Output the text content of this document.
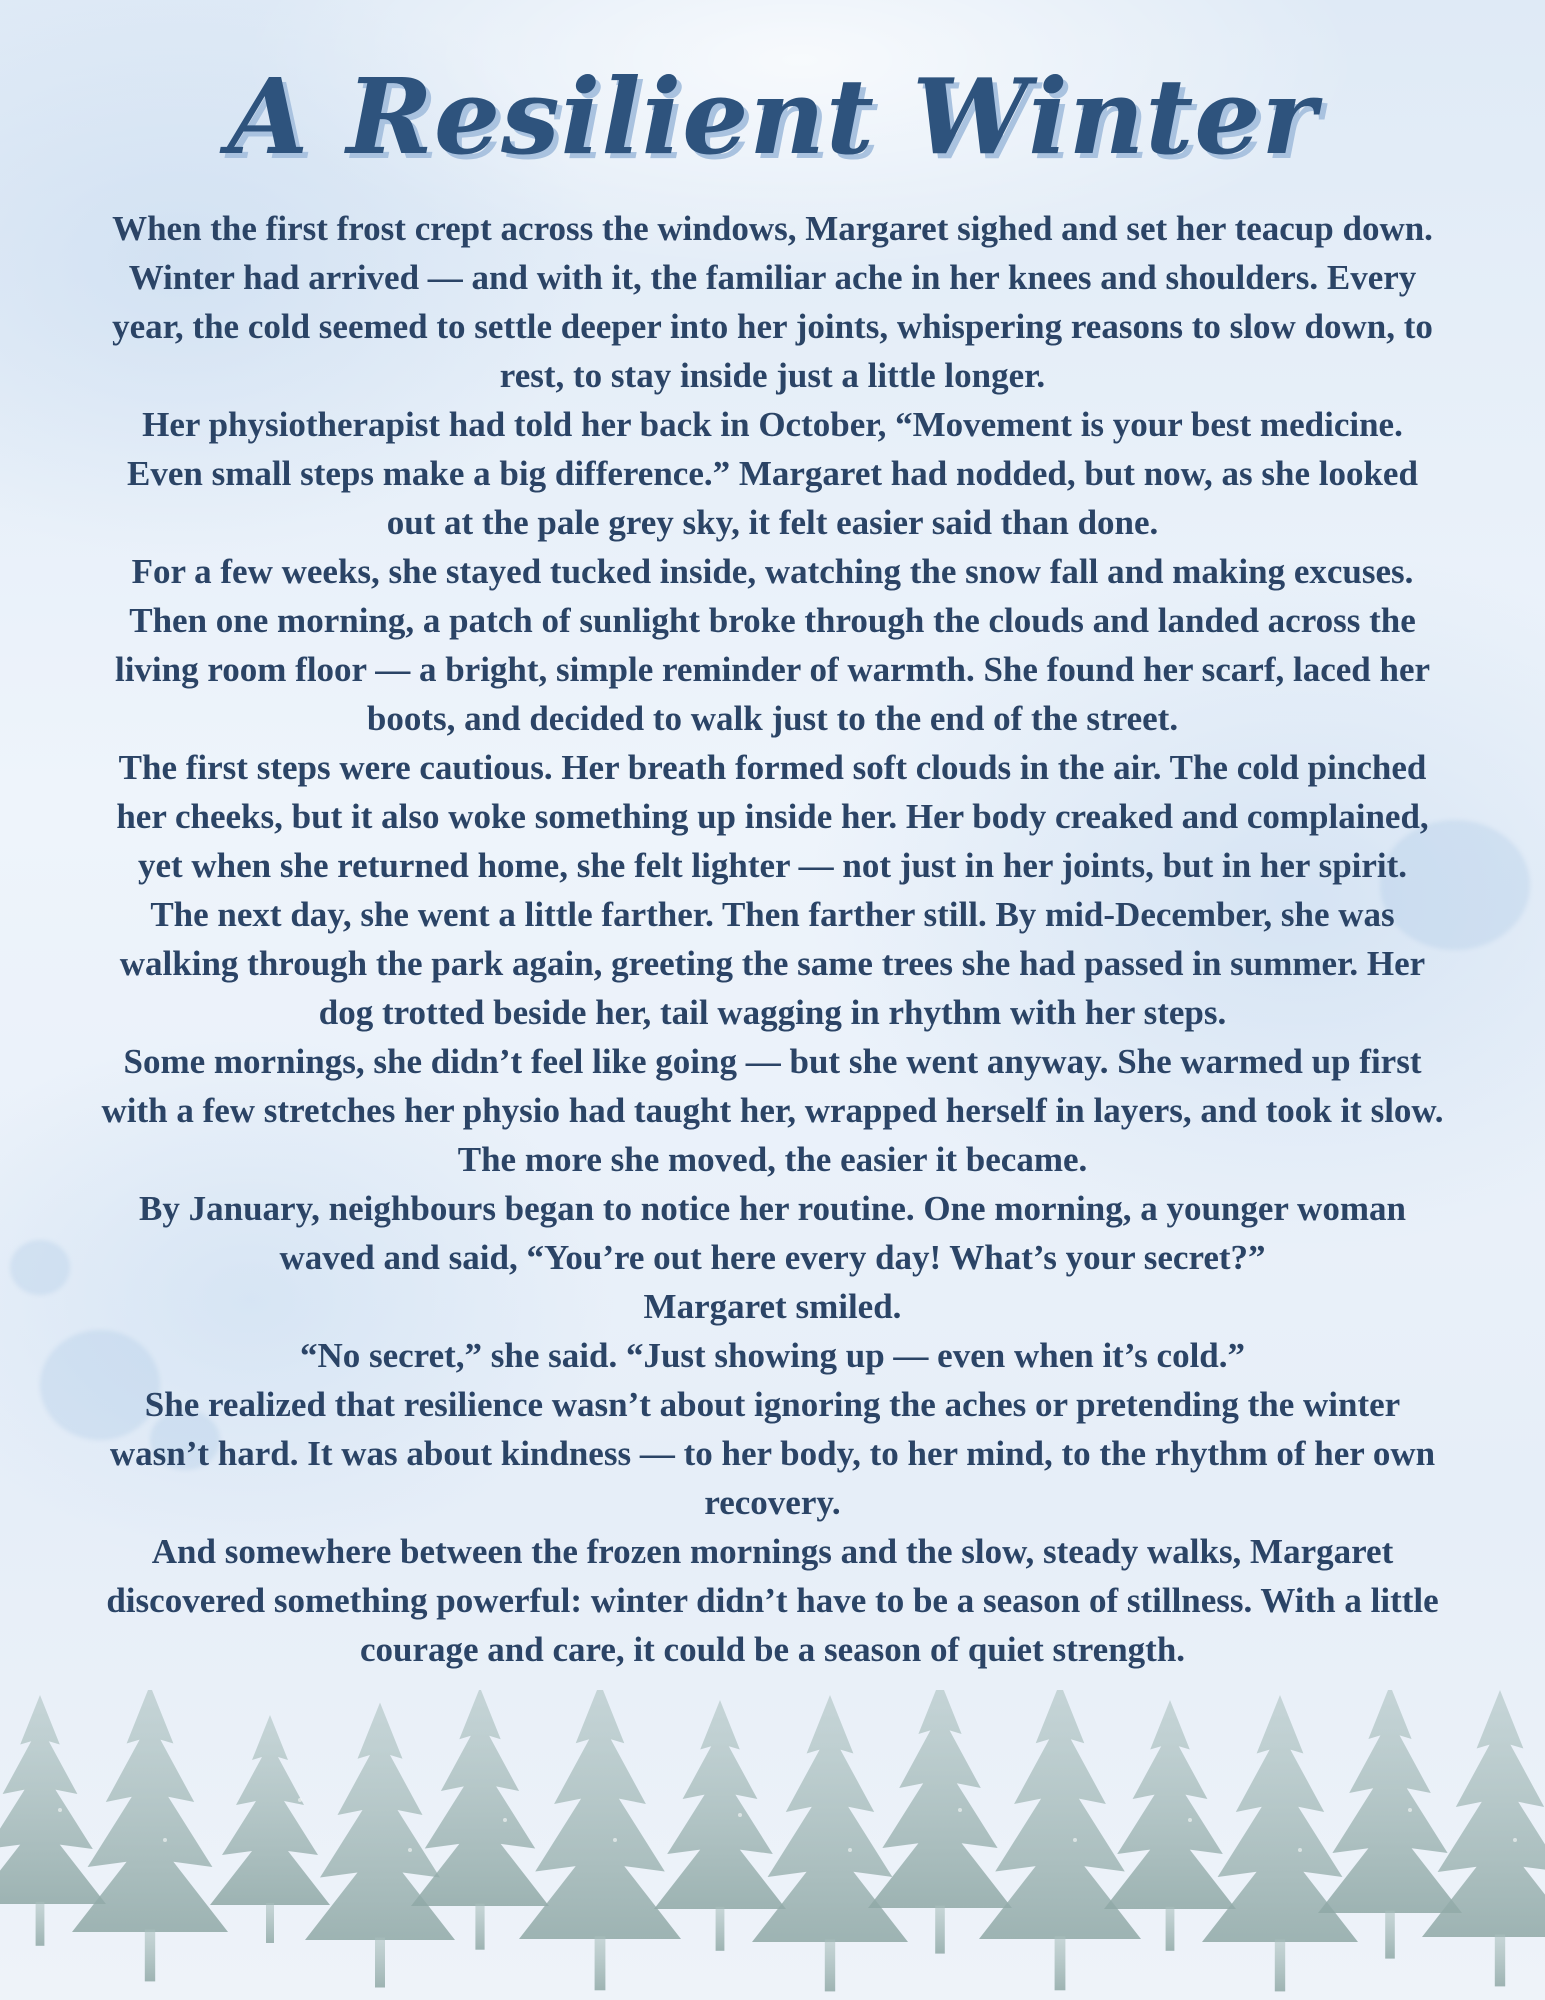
A Resilient Winter

When the first frost crept across the windows, Margaret sighed and set her teacup down. Winter had arrived — and with it, the familiar ache in her knees and shoulders. Every year, the cold seemed to settle deeper into her joints, whispering reasons to slow down, to rest, to stay inside just a little longer.

Her physiotherapist had told her back in October, “Movement is your best medicine. Even small steps make a big difference.” Margaret had nodded, but now, as she looked out at the pale grey sky, it felt easier said than done.

For a few weeks, she stayed tucked inside, watching the snow fall and making excuses. Then one morning, a patch of sunlight broke through the clouds and landed across the living room floor — a bright, simple reminder of warmth. She found her scarf, laced her boots, and decided to walk just to the end of the street.

The first steps were cautious. Her breath formed soft clouds in the air. The cold pinched her cheeks, but it also woke something up inside her. Her body creaked and complained, yet when she returned home, she felt lighter — not just in her joints, but in her spirit.

The next day, she went a little farther. Then farther still. By mid-December, she was walking through the park again, greeting the same trees she had passed in summer. Her dog trotted beside her, tail wagging in rhythm with her steps.

Some mornings, she didn’t feel like going — but she went anyway. She warmed up first with a few stretches her physio had taught her, wrapped herself in layers, and took it slow. The more she moved, the easier it became.

By January, neighbours began to notice her routine. One morning, a younger woman waved and said, “You’re out here every day! What’s your secret?”

Margaret smiled.

“No secret,” she said. “Just showing up — even when it’s cold.”

She realized that resilience wasn’t about ignoring the aches or pretending the winter wasn’t hard. It was about kindness — to her body, to her mind, to the rhythm of her own recovery.

And somewhere between the frozen mornings and the slow, steady walks, Margaret discovered something powerful: winter didn’t have to be a season of stillness. With a little courage and care, it could be a season of quiet strength.
